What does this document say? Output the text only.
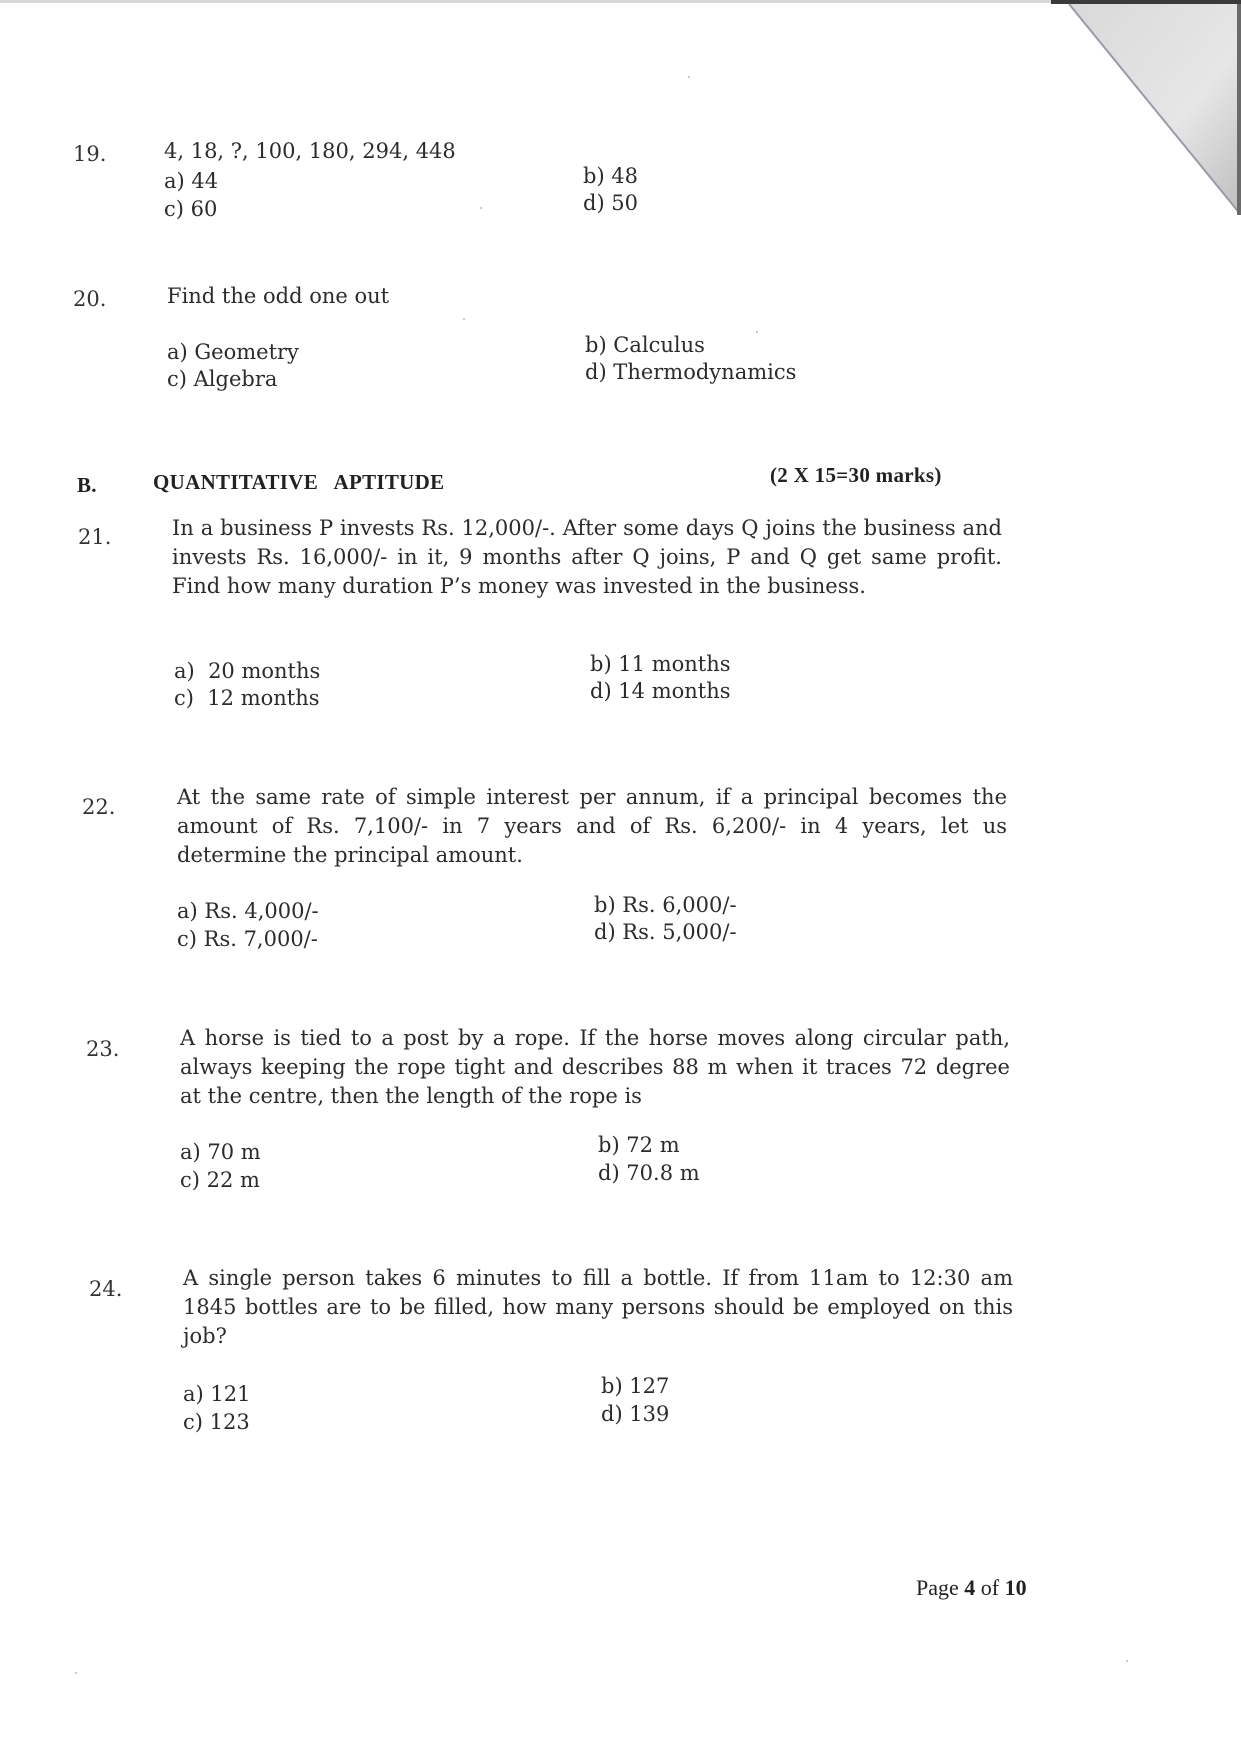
19.	4, 18, ?, 100, 180, 294, 448
a) 44	b) 48
c) 60	d) 50
20.	Find the odd one out
a) Geometry	b) Calculus
c) Algebra	d) Thermodynamics
B.	QUANTITATIVE   APTITUDE	(2 X 15=30 marks)
21.	In a business P invests Rs. 12,000/-. After some days Q joins the business and invests Rs. 16,000/- in it, 9 months after Q joins, P and Q get same profit. Find how many duration P’s money was invested in the business.
a)  20 months	b) 11 months
c)  12 months	d) 14 months
22.	At the same rate of simple interest per annum, if a principal becomes the amount of Rs. 7,100/- in 7 years and of Rs. 6,200/- in 4 years, let us determine the principal amount.
a) Rs. 4,000/-	b) Rs. 6,000/-
c) Rs. 7,000/-	d) Rs. 5,000/-
23.	A horse is tied to a post by a rope. If the horse moves along circular path, always keeping the rope tight and describes 88 m when it traces 72 degree at the centre, then the length of the rope is
a) 70 m	b) 72 m
c) 22 m	d) 70.8 m
24.	A single person takes 6 minutes to fill a bottle. If from 11am to 12:30 am 1845 bottles are to be filled, how many persons should be employed on this job?
a) 121	b) 127
c) 123	d) 139
Page 4 of 10
